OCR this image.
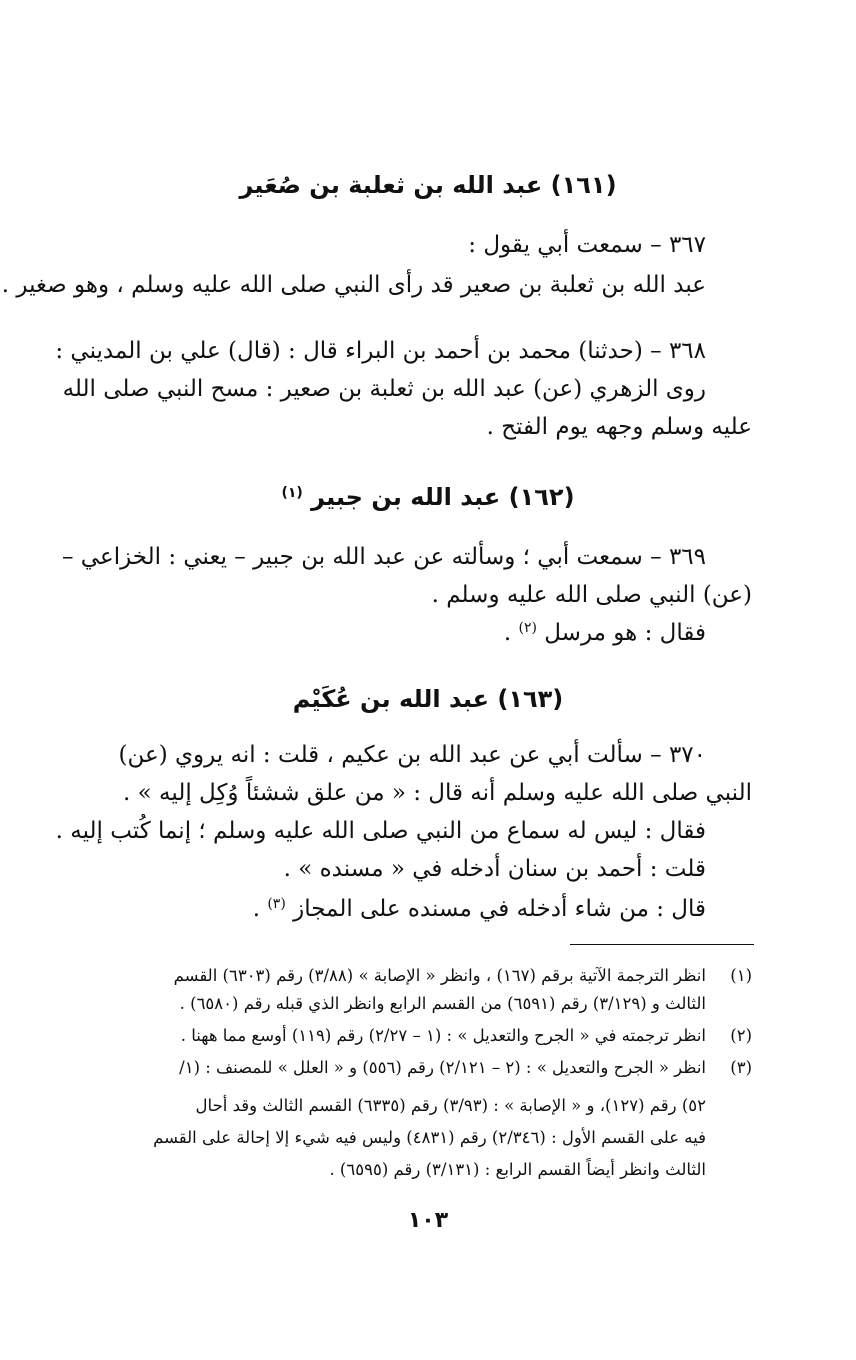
(١٦١) عبد الله بن ثعلبة بن صُعَير
٣٦٧ – سمعت أبي يقول :
عبد الله بن ثعلبة بن صعير قد رأى النبي صلى الله عليه وسلم ، وهو صغير .
٣٦٨ – (حدثنا) محمد بن أحمد بن البراء قال : (قال) علي بن المديني :
روى الزهري (عن) عبد الله بن ثعلبة بن صعير : مسح النبي صلى الله
عليه وسلم وجهه يوم الفتح .
(١٦٢) عبد الله بن جبير $^{(١)}$
٣٦٩ – سمعت أبي ؛ وسألته عن عبد الله بن جبير – يعني : الخزاعي –
(عن) النبي صلى الله عليه وسلم .
فقال : هو مرسل $^{(٢)}$ .
(١٦٣) عبد الله بن عُكَيْم
٣٧٠ – سألت أبي عن عبد الله بن عكيم ، قلت : انه يروي (عن)
النبي صلى الله عليه وسلم أنه قال : « من علق ششئاً وُكِل إليه » .
فقال : ليس له سماع من النبي صلى الله عليه وسلم ؛ إنما كُتب إليه .
قلت : أحمد بن سنان أدخله في « مسنده » .
قال : من شاء أدخله في مسنده على المجاز $^{(٣)}$ .
(١)
انظر الترجمة الآتية برقم (١٦٧) ، وانظر « الإصابة » (٣/٨٨) رقم (٦٣٠٣) القسم
الثالث و (٣/١٢٩) رقم (٦٥٩١) من القسم الرابع وانظر الذي قبله رقم (٦٥٨٠) .
(٢)
انظر ترجمته في « الجرح والتعديل » : (١ – ٢/٢٧) رقم (١١٩) أوسع مما ههنا .
(٣)
انظر « الجرح والتعديل » : (٢ – ٢/١٢١) رقم (٥٥٦) و « العلل » للمصنف : (١/
٥٢) رقم (١٢٧)، و « الإصابة » : (٣/٩٣) رقم (٦٣٣٥) القسم الثالث وقد أحال
فيه على القسم الأول : (٢/٣٤٦) رقم (٤٨٣١) وليس فيه شيء إلا إحالة على القسم
الثالث وانظر أيضاً القسم الرابع : (٣/١٣١) رقم (٦٥٩٥) .
١٠٣
